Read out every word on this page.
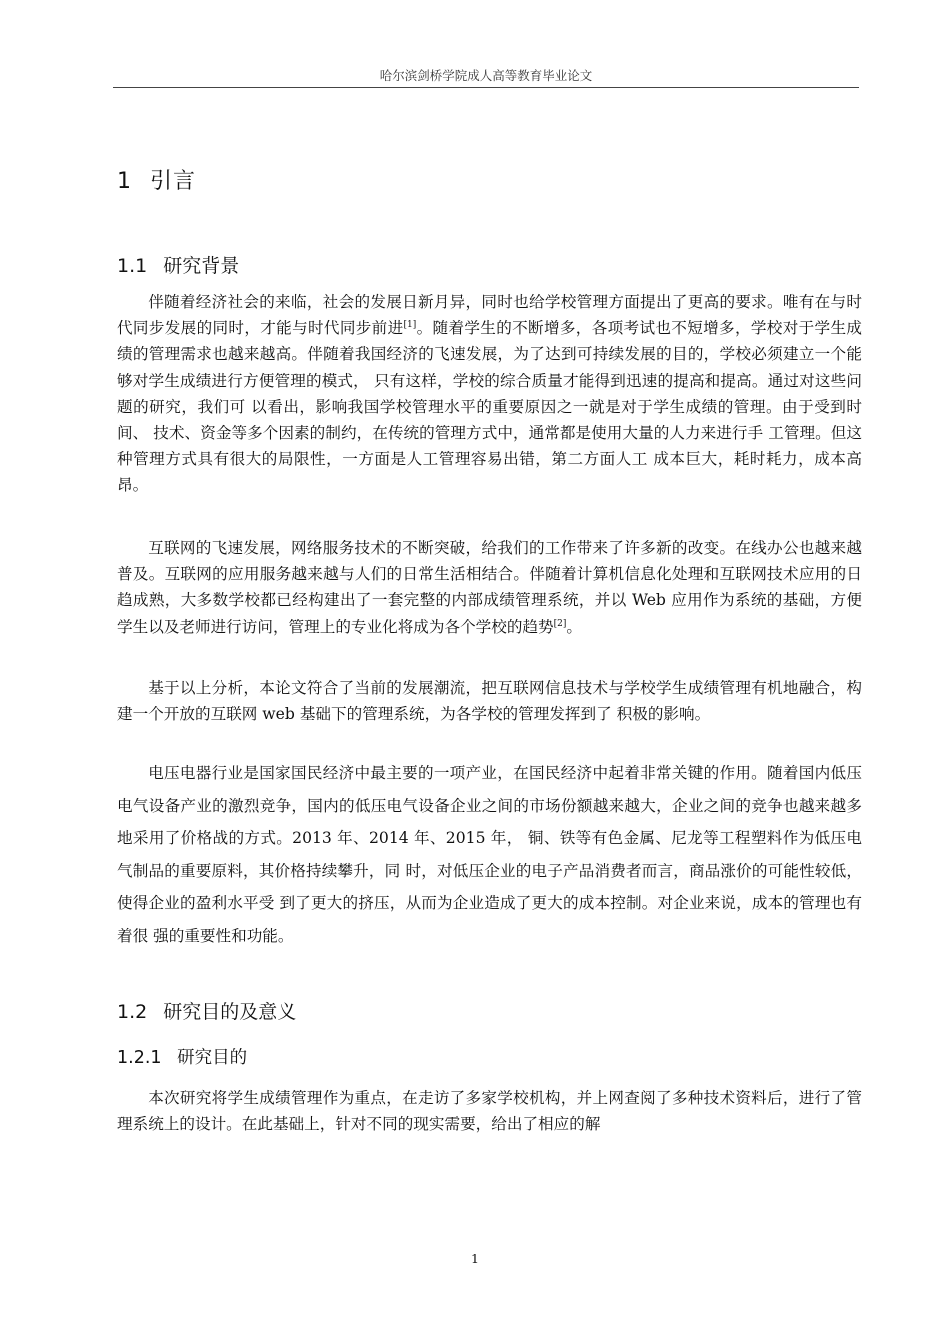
哈尔滨剑桥学院成人高等教育毕业论文
1 引言
1.1 研究背景

伴随着经济社会的来临，社会的发展日新月异，同时也给学校管理方面提出了更高的要求。唯有在与时代同步发展的同时，才能与时代同步前进[1]。随着学生的不断增多，各项考试也不短增多，学校对于学生成绩的管理需求也越来越高。伴随着我国经济的飞速发展，为了达到可持续发展的目的，学校必须建立一个能够对学生成绩进行方便管理的模式， 只有这样，学校的综合质量才能得到迅速的提高和提高。通过对这些问题的研究，我们可 以看出，影响我国学校管理水平的重要原因之一就是对于学生成绩的管理。由于受到时间、 技术、资金等多个因素的制约，在传统的管理方式中，通常都是使用大量的人力来进行手 工管理。但这种管理方式具有很大的局限性，一方面是人工管理容易出错，第二方面人工 成本巨大，耗时耗力，成本高昂。

互联网的飞速发展，网络服务技术的不断突破，给我们的工作带来了许多新的改变。在线办公也越来越普及。互联网的应用服务越来越与人们的日常生活相结合。伴随着计算机信息化处理和互联网技术应用的日趋成熟，大多数学校都已经构建出了一套完整的内部成绩管理系统，并以 Web 应用作为系统的基础，方便学生以及老师进行访问，管理上的专业化将成为各个学校的趋势[2]。

基于以上分析，本论文符合了当前的发展潮流，把互联网信息技术与学校学生成绩管理有机地融合，构建一个开放的互联网 web 基础下的管理系统，为各学校的管理发挥到了 积极的影响。

电压电器行业是国家国民经济中最主要的一项产业，在国民经济中起着非常关键的作用。随着国内低压电气设备产业的激烈竞争，国内的低压电气设备企业之间的市场份额越来越大，企业之间的竞争也越来越多地采用了价格战的方式。2013 年、2014 年、2015 年， 铜、铁等有色金属、尼龙等工程塑料作为低压电气制品的重要原料，其价格持续攀升，同 时，对低压企业的电子产品消费者而言，商品涨价的可能性较低，使得企业的盈利水平受 到了更大的挤压，从而为企业造成了更大的成本控制。对企业来说，成本的管理也有着很 强的重要性和功能。

1.2 研究目的及意义
1.2.1 研究目的

本次研究将学生成绩管理作为重点，在走访了多家学校机构，并上网查阅了多种技术资料后，进行了管理系统上的设计。在此基础上，针对不同的现实需要，给出了相应的解

1
